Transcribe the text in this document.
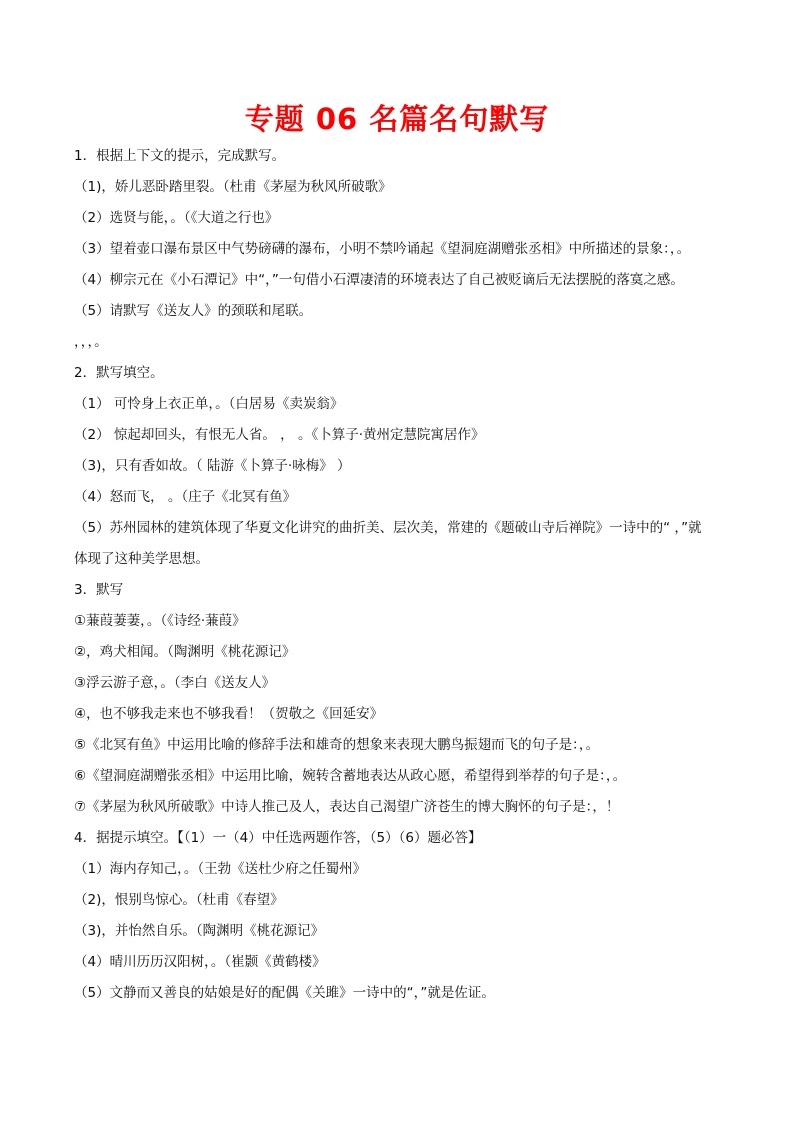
专题 06 名篇名句默写
1．根据上下文的提示，完成默写。
（1)，娇儿恶卧踏里裂。（杜甫《茅屋为秋风所破歌》
（2）选贤与能，。（《大道之行也》
（3）望着壶口瀑布景区中气势磅礴的瀑布，小明不禁吟诵起《望洞庭湖赠张丞相》中所描述的景象：，。
（4）柳宗元在《小石潭记》中“，”一句借小石潭凄清的环境表达了自己被贬谪后无法摆脱的落寞之感。
（5）请默写《送友人》的颈联和尾联。
，，，。
2．默写填空。
（1） 可怜身上衣正单，。（白居易《卖炭翁》
（2） 惊起却回头，有恨无人省。 ， 。《卜算子·黄州定慧院寓居作》
（3)，只有香如故。（ 陆游《卜算子·咏梅》 ）
（4）怒而飞， 。（庄子《北冥有鱼》
（5）苏州园林的建筑体现了华夏文化讲究的曲折美、层次美，常建的《题破山寺后禅院》一诗中的“ ，”就
体现了这种美学思想。
3．默写
①蒹葭萋萋，。（《诗经·蒹葭》
②，鸡犬相闻。（陶渊明《桃花源记》
③浮云游子意，。（李白《送友人》
④，也不够我走来也不够我看！（贺敬之《回延安》
⑤《北冥有鱼》中运用比喻的修辞手法和雄奇的想象来表现大鹏鸟振翅而飞的句子是：，。
⑥《望洞庭湖赠张丞相》中运用比喻，婉转含蓄地表达从政心愿，希望得到举荐的句子是：，。
⑦《茅屋为秋风所破歌》中诗人推己及人，表达自己渴望广济苍生的博大胸怀的句子是：，！
4．据提示填空。【（1）一（4）中任选两题作答，（5）（6）题必答】
（1）海内存知己，。（王勃《送杜少府之任蜀州》
（2)，恨别鸟惊心。（杜甫《春望》
（3)，并怡然自乐。（陶渊明《桃花源记》
（4）晴川历历汉阳树，。（崔颢《黄鹤楼》
（5）文静而又善良的姑娘是好的配偶《关雎》一诗中的“，”就是佐证。
